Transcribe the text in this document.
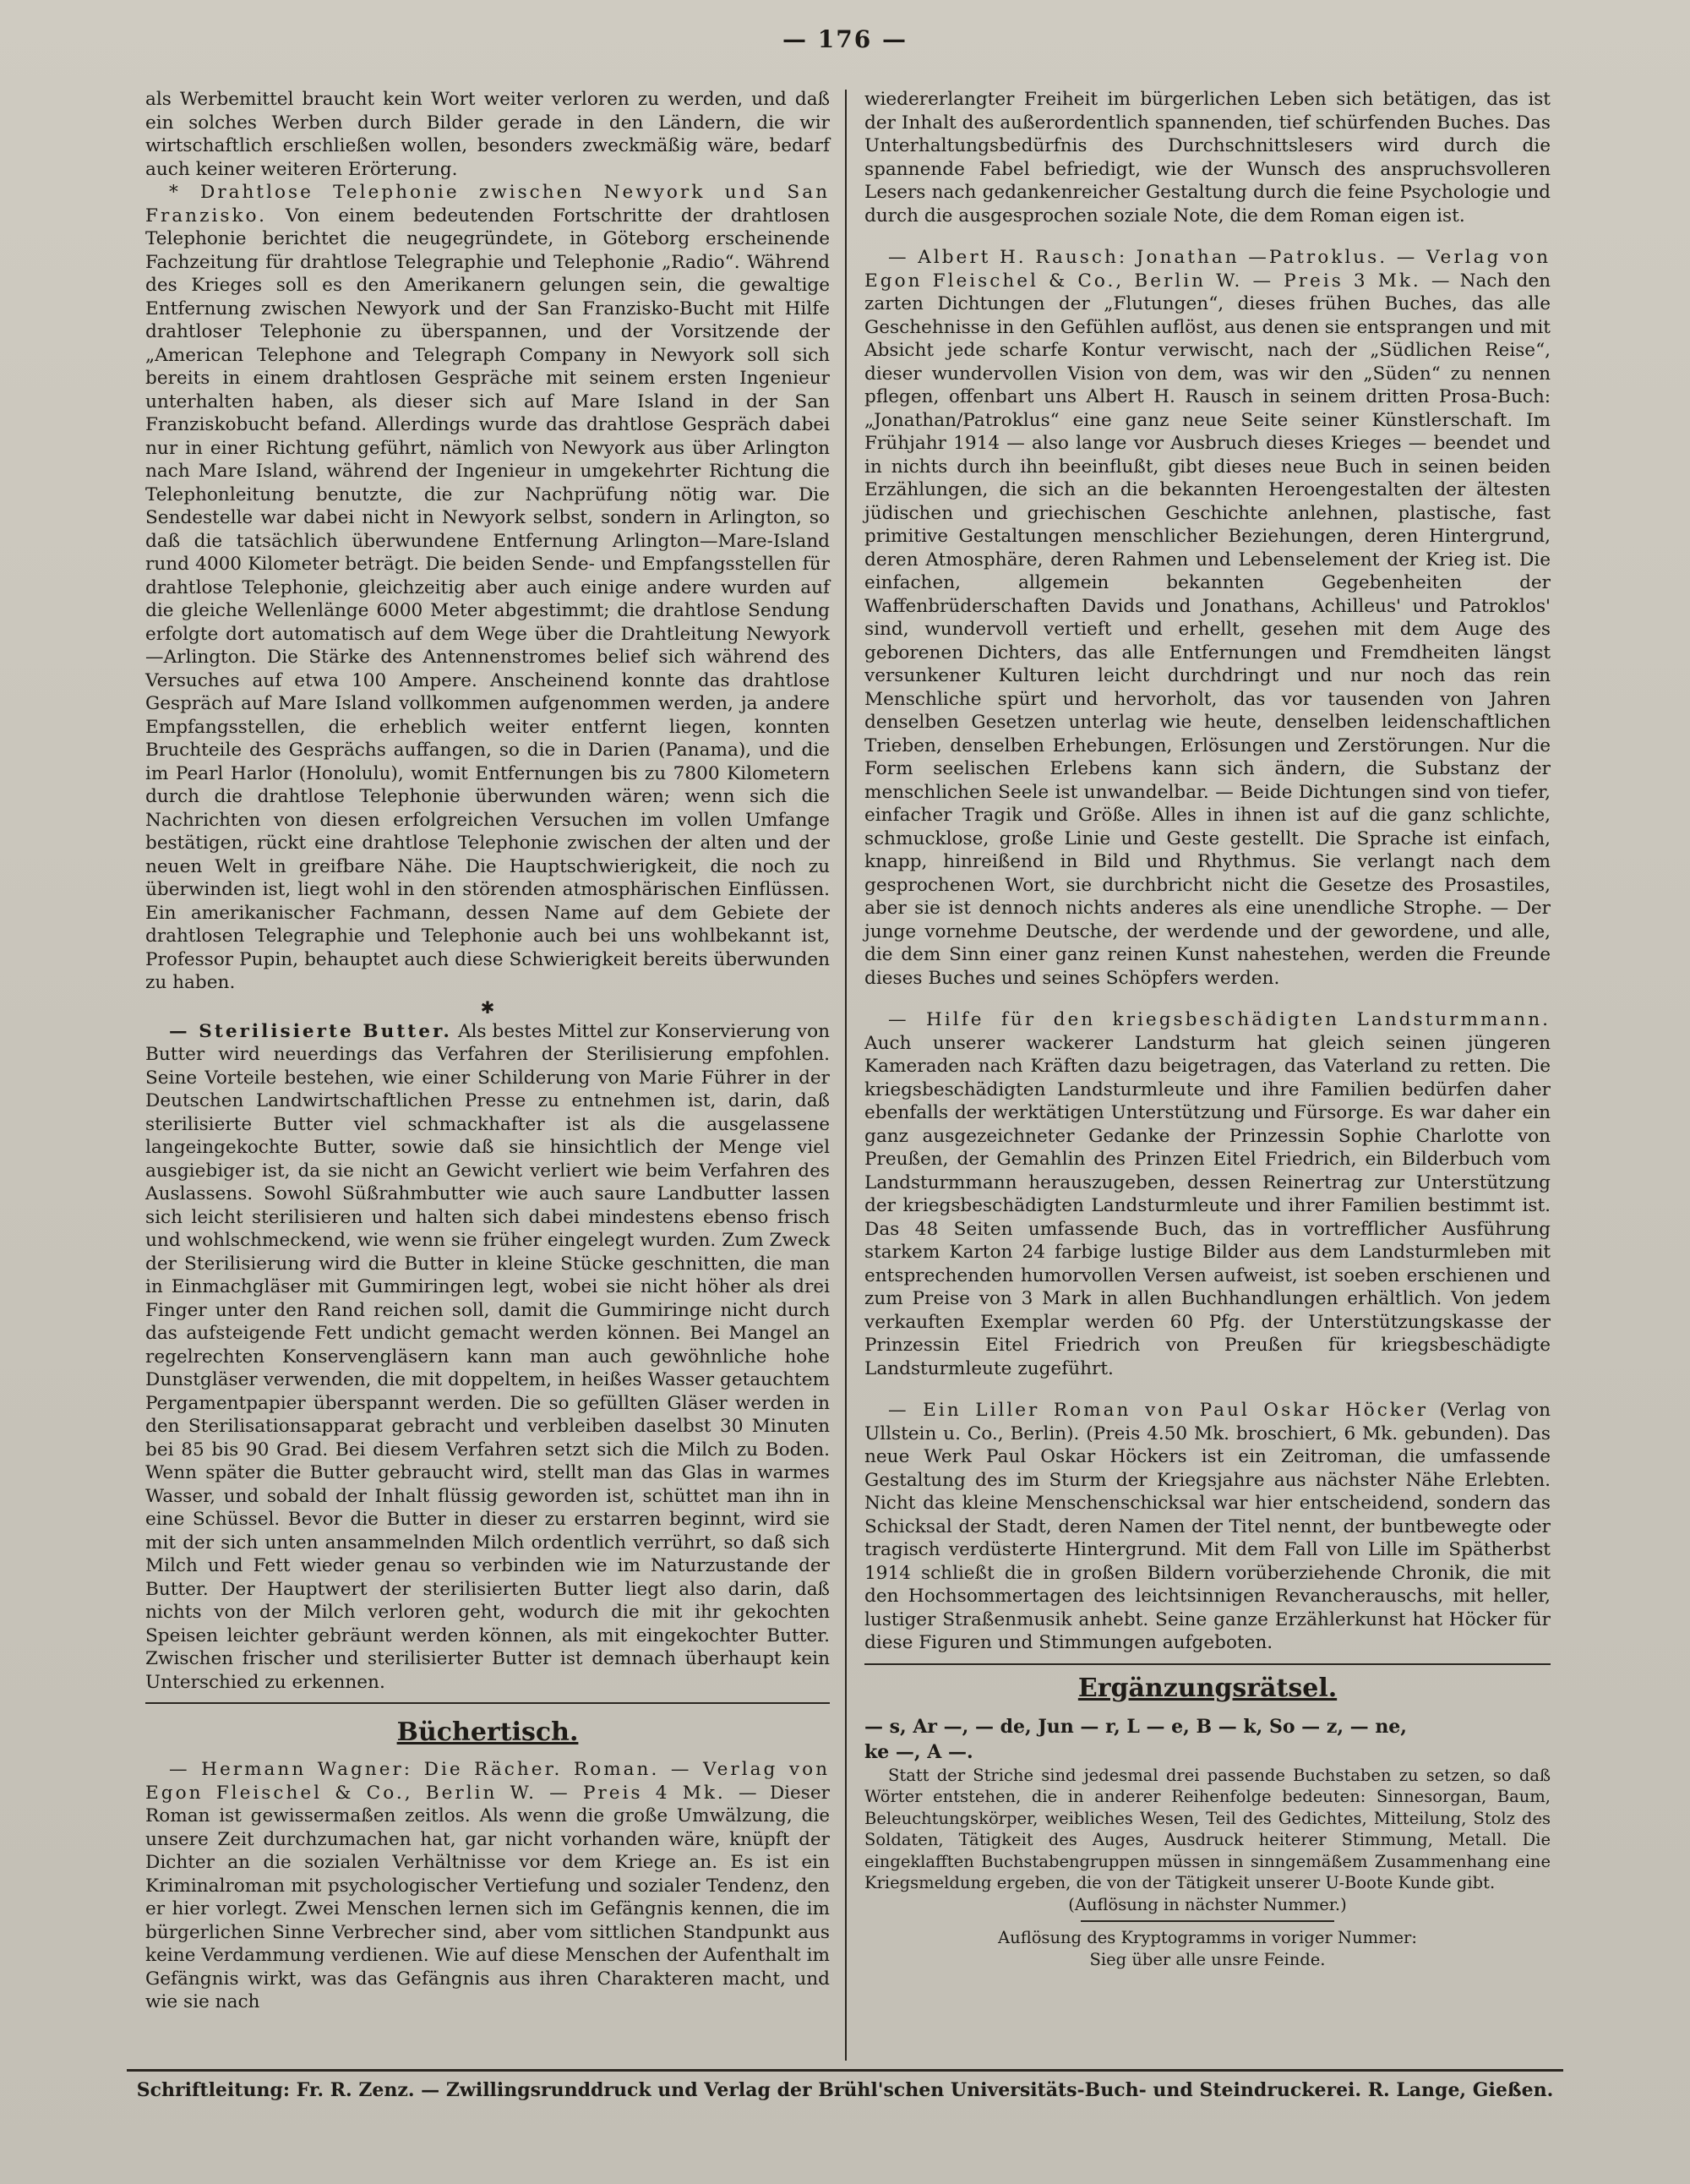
— 176 —

als Werbemittel braucht kein Wort weiter verloren zu werden, und daß ein solches Werben durch Bilder gerade in den Ländern, die wir wirtschaftlich erschließen wollen, besonders zweckmäßig wäre, bedarf auch keiner weiteren Erörterung.

* Drahtlose Telephonie zwischen Newyork und San Franzisko. Von einem bedeutenden Fortschritte der drahtlosen Telephonie berichtet die neugegründete, in Göteborg erscheinende Fachzeitung für drahtlose Telegraphie und Telephonie „Radio“. Während des Krieges soll es den Amerikanern gelungen sein, die gewaltige Entfernung zwischen Newyork und der San Franzisko-Bucht mit Hilfe drahtloser Telephonie zu überspannen, und der Vorsitzende der „American Telephone and Telegraph Company in Newyork soll sich bereits in einem drahtlosen Gespräche mit seinem ersten Ingenieur unterhalten haben, als dieser sich auf Mare Island in der San Franziskobucht befand. Allerdings wurde das drahtlose Gespräch dabei nur in einer Richtung geführt, nämlich von Newyork aus über Arlington nach Mare Island, während der Ingenieur in umgekehrter Richtung die Telephonleitung benutzte, die zur Nachprüfung nötig war. Die Sendestelle war dabei nicht in Newyork selbst, sondern in Arlington, so daß die tatsächlich überwundene Entfernung Arlington—Mare-Island rund 4000 Kilometer beträgt. Die beiden Sende- und Empfangsstellen für drahtlose Telephonie, gleichzeitig aber auch einige andere wurden auf die gleiche Wellenlänge 6000 Meter abgestimmt; die drahtlose Sendung erfolgte dort automatisch auf dem Wege über die Drahtleitung Newyork—Arlington. Die Stärke des Antennenstromes belief sich während des Versuches auf etwa 100 Ampere. Anscheinend konnte das drahtlose Gespräch auf Mare Island vollkommen aufgenommen werden, ja andere Empfangsstellen, die erheblich weiter entfernt liegen, konnten Bruchteile des Gesprächs auffangen, so die in Darien (Panama), und die im Pearl Harlor (Honolulu), womit Entfernungen bis zu 7800 Kilometern durch die drahtlose Telephonie überwunden wären; wenn sich die Nachrichten von diesen erfolgreichen Versuchen im vollen Umfange bestätigen, rückt eine drahtlose Telephonie zwischen der alten und der neuen Welt in greifbare Nähe. Die Hauptschwierigkeit, die noch zu überwinden ist, liegt wohl in den störenden atmosphärischen Einflüssen. Ein amerikanischer Fachmann, dessen Name auf dem Gebiete der drahtlosen Telegraphie und Telephonie auch bei uns wohlbekannt ist, Professor Pupin, behauptet auch diese Schwierigkeit bereits überwunden zu haben.

✱

— Sterilisierte Butter. Als bestes Mittel zur Konservierung von Butter wird neuerdings das Verfahren der Sterilisierung empfohlen. Seine Vorteile bestehen, wie einer Schilderung von Marie Führer in der Deutschen Landwirtschaftlichen Presse zu entnehmen ist, darin, daß sterilisierte Butter viel schmackhafter ist als die ausgelassene langeingekochte Butter, sowie daß sie hinsichtlich der Menge viel ausgiebiger ist, da sie nicht an Gewicht verliert wie beim Verfahren des Auslassens. Sowohl Süßrahmbutter wie auch saure Landbutter lassen sich leicht sterilisieren und halten sich dabei mindestens ebenso frisch und wohlschmeckend, wie wenn sie früher eingelegt wurden. Zum Zweck der Sterilisierung wird die Butter in kleine Stücke geschnitten, die man in Einmachgläser mit Gummiringen legt, wobei sie nicht höher als drei Finger unter den Rand reichen soll, damit die Gummiringe nicht durch das aufsteigende Fett undicht gemacht werden können. Bei Mangel an regelrechten Konservengläsern kann man auch gewöhnliche hohe Dunstgläser verwenden, die mit doppeltem, in heißes Wasser getauchtem Pergamentpapier überspannt werden. Die so gefüllten Gläser werden in den Sterilisationsapparat gebracht und verbleiben daselbst 30 Minuten bei 85 bis 90 Grad. Bei diesem Verfahren setzt sich die Milch zu Boden. Wenn später die Butter gebraucht wird, stellt man das Glas in warmes Wasser, und sobald der Inhalt flüssig geworden ist, schüttet man ihn in eine Schüssel. Bevor die Butter in dieser zu erstarren beginnt, wird sie mit der sich unten ansammelnden Milch ordentlich verrührt, so daß sich Milch und Fett wieder genau so verbinden wie im Naturzustande der Butter. Der Hauptwert der sterilisierten Butter liegt also darin, daß nichts von der Milch verloren geht, wodurch die mit ihr gekochten Speisen leichter gebräunt werden können, als mit eingekochter Butter. Zwischen frischer und sterilisierter Butter ist demnach überhaupt kein Unterschied zu erkennen.

Büchertisch.

— Hermann Wagner: Die Rächer. Roman. — Verlag von Egon Fleischel & Co., Berlin W. — Preis 4 Mk. — Dieser Roman ist gewissermaßen zeitlos. Als wenn die große Umwälzung, die unsere Zeit durchzumachen hat, gar nicht vorhanden wäre, knüpft der Dichter an die sozialen Verhältnisse vor dem Kriege an. Es ist ein Kriminalroman mit psychologischer Vertiefung und sozialer Tendenz, den er hier vorlegt. Zwei Menschen lernen sich im Gefängnis kennen, die im bürgerlichen Sinne Verbrecher sind, aber vom sittlichen Standpunkt aus keine Verdammung verdienen. Wie auf diese Menschen der Aufenthalt im Gefängnis wirkt, was das Gefängnis aus ihren Charakteren macht, und wie sie nach

wiedererlangter Freiheit im bürgerlichen Leben sich betätigen, das ist der Inhalt des außerordentlich spannenden, tief schürfenden Buches. Das Unterhaltungsbedürfnis des Durchschnittslesers wird durch die spannende Fabel befriedigt, wie der Wunsch des anspruchsvolleren Lesers nach gedankenreicher Gestaltung durch die feine Psychologie und durch die ausgesprochen soziale Note, die dem Roman eigen ist.

— Albert H. Rausch: Jonathan —Patroklus. — Verlag von Egon Fleischel & Co., Berlin W. — Preis 3 Mk. — Nach den zarten Dichtungen der „Flutungen“, dieses frühen Buches, das alle Geschehnisse in den Gefühlen auflöst, aus denen sie entsprangen und mit Absicht jede scharfe Kontur verwischt, nach der „Südlichen Reise“, dieser wundervollen Vision von dem, was wir den „Süden“ zu nennen pflegen, offenbart uns Albert H. Rausch in seinem dritten Prosa-Buch: „Jonathan/Patroklus“ eine ganz neue Seite seiner Künstlerschaft. Im Frühjahr 1914 — also lange vor Ausbruch dieses Krieges — beendet und in nichts durch ihn beeinflußt, gibt dieses neue Buch in seinen beiden Erzählungen, die sich an die bekannten Heroengestalten der ältesten jüdischen und griechischen Geschichte anlehnen, plastische, fast primitive Gestaltungen menschlicher Beziehungen, deren Hintergrund, deren Atmosphäre, deren Rahmen und Lebenselement der Krieg ist. Die einfachen, allgemein bekannten Gegebenheiten der Waffenbrüderschaften Davids und Jonathans, Achilleus' und Patroklos' sind, wundervoll vertieft und erhellt, gesehen mit dem Auge des geborenen Dichters, das alle Entfernungen und Fremdheiten längst versunkener Kulturen leicht durchdringt und nur noch das rein Menschliche spürt und hervorholt, das vor tausenden von Jahren denselben Gesetzen unterlag wie heute, denselben leidenschaftlichen Trieben, denselben Erhebungen, Erlösungen und Zerstörungen. Nur die Form seelischen Erlebens kann sich ändern, die Substanz der menschlichen Seele ist unwandelbar. — Beide Dichtungen sind von tiefer, einfacher Tragik und Größe. Alles in ihnen ist auf die ganz schlichte, schmucklose, große Linie und Geste gestellt. Die Sprache ist einfach, knapp, hinreißend in Bild und Rhythmus. Sie verlangt nach dem gesprochenen Wort, sie durchbricht nicht die Gesetze des Prosastiles, aber sie ist dennoch nichts anderes als eine unendliche Strophe. — Der junge vornehme Deutsche, der werdende und der gewordene, und alle, die dem Sinn einer ganz reinen Kunst nahestehen, werden die Freunde dieses Buches und seines Schöpfers werden.

— Hilfe für den kriegsbeschädigten Landsturmmann. Auch unserer wackerer Landsturm hat gleich seinen jüngeren Kameraden nach Kräften dazu beigetragen, das Vaterland zu retten. Die kriegsbeschädigten Landsturmleute und ihre Familien bedürfen daher ebenfalls der werktätigen Unterstützung und Fürsorge. Es war daher ein ganz ausgezeichneter Gedanke der Prinzessin Sophie Charlotte von Preußen, der Gemahlin des Prinzen Eitel Friedrich, ein Bilderbuch vom Landsturmmann herauszugeben, dessen Reinertrag zur Unterstützung der kriegsbeschädigten Landsturmleute und ihrer Familien bestimmt ist. Das 48 Seiten umfassende Buch, das in vortrefflicher Ausführung starkem Karton 24 farbige lustige Bilder aus dem Landsturmleben mit entsprechenden humorvollen Versen aufweist, ist soeben erschienen und zum Preise von 3 Mark in allen Buchhandlungen erhältlich. Von jedem verkauften Exemplar werden 60 Pfg. der Unterstützungskasse der Prinzessin Eitel Friedrich von Preußen für kriegsbeschädigte Landsturmleute zugeführt.

— Ein Liller Roman von Paul Oskar Höcker (Verlag von Ullstein u. Co., Berlin). (Preis 4.50 Mk. broschiert, 6 Mk. gebunden). Das neue Werk Paul Oskar Höckers ist ein Zeitroman, die umfassende Gestaltung des im Sturm der Kriegsjahre aus nächster Nähe Erlebten. Nicht das kleine Menschenschicksal war hier entscheidend, sondern das Schicksal der Stadt, deren Namen der Titel nennt, der buntbewegte oder tragisch verdüsterte Hintergrund. Mit dem Fall von Lille im Spätherbst 1914 schließt die in großen Bildern vorüberziehende Chronik, die mit den Hochsommertagen des leichtsinnigen Revancherauschs, mit heller, lustiger Straßenmusik anhebt. Seine ganze Erzählerkunst hat Höcker für diese Figuren und Stimmungen aufgeboten.

Ergänzungsrätsel.

— s, Ar —, — de, Jun — r, L — e, B — k, So — z, — ne,

ke —, A —.

Statt der Striche sind jedesmal drei passende Buchstaben zu setzen, so daß Wörter entstehen, die in anderer Reihenfolge bedeuten: Sinnesorgan, Baum, Beleuchtungskörper, weibliches Wesen, Teil des Gedichtes, Mitteilung, Stolz des Soldaten, Tätigkeit des Auges, Ausdruck heiterer Stimmung, Metall. Die eingeklafften Buchstabengruppen müssen in sinngemäßem Zusammenhang eine Kriegsmeldung ergeben, die von der Tätigkeit unserer U-Boote Kunde gibt.

(Auflösung in nächster Nummer.)

Auflösung des Kryptogramms in voriger Nummer:

Sieg über alle unsre Feinde.

Schriftleitung: Fr. R. Zenz. — Zwillingsrunddruck und Verlag der Brühl'schen Universitäts-Buch- und Steindruckerei. R. Lange, Gießen.
